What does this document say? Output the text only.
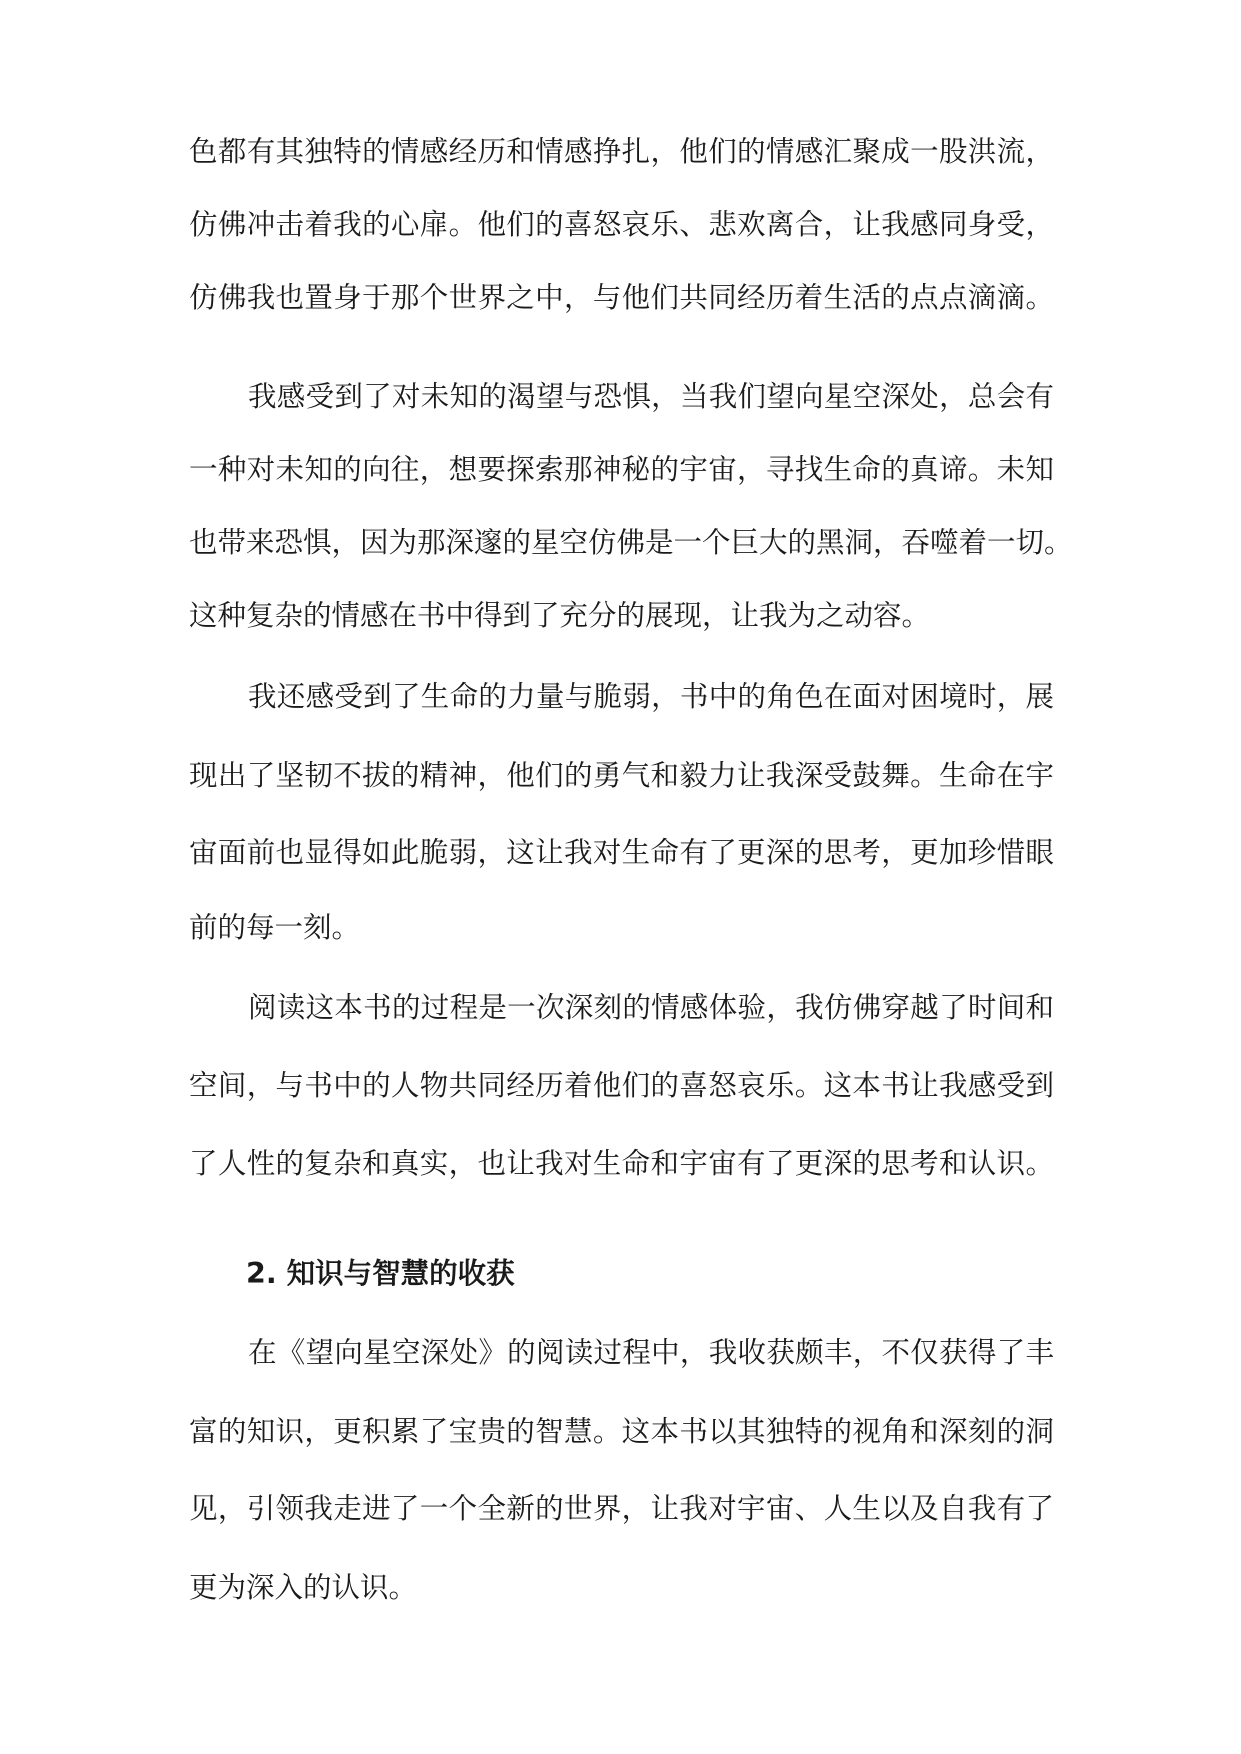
色都有其独特的情感经历和情感挣扎，他们的情感汇聚成一股洪流，
仿佛冲击着我的心扉。他们的喜怒哀乐、悲欢离合，让我感同身受，
仿佛我也置身于那个世界之中，与他们共同经历着生活的点点滴滴。
我感受到了对未知的渴望与恐惧，当我们望向星空深处，总会有
一种对未知的向往，想要探索那神秘的宇宙，寻找生命的真谛。未知
也带来恐惧，因为那深邃的星空仿佛是一个巨大的黑洞，吞噬着一切。
这种复杂的情感在书中得到了充分的展现，让我为之动容。
我还感受到了生命的力量与脆弱，书中的角色在面对困境时，展
现出了坚韧不拔的精神，他们的勇气和毅力让我深受鼓舞。生命在宇
宙面前也显得如此脆弱，这让我对生命有了更深的思考，更加珍惜眼
前的每一刻。
阅读这本书的过程是一次深刻的情感体验，我仿佛穿越了时间和
空间，与书中的人物共同经历着他们的喜怒哀乐。这本书让我感受到
了人性的复杂和真实，也让我对生命和宇宙有了更深的思考和认识。
2. 知识与智慧的收获
在《望向星空深处》的阅读过程中，我收获颇丰，不仅获得了丰
富的知识，更积累了宝贵的智慧。这本书以其独特的视角和深刻的洞
见，引领我走进了一个全新的世界，让我对宇宙、人生以及自我有了
更为深入的认识。
